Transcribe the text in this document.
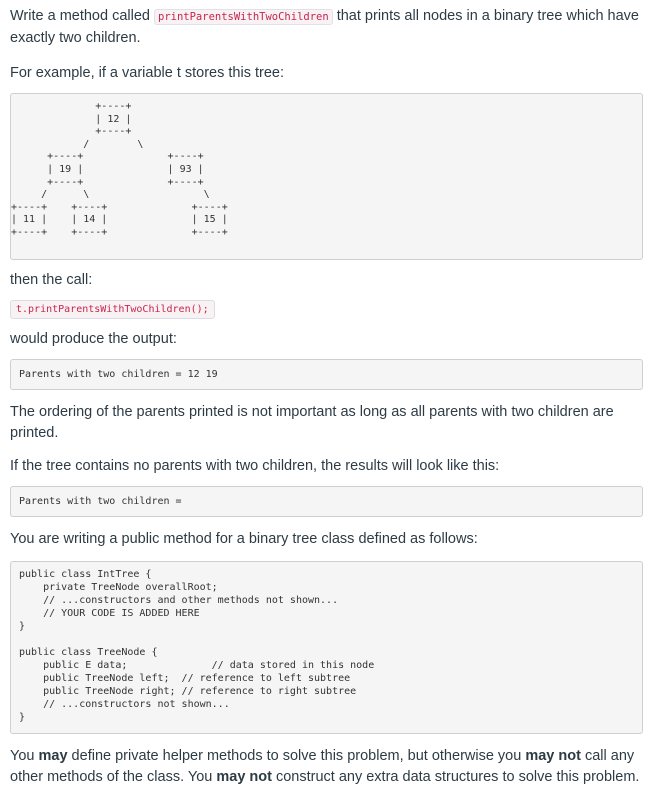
Write a method called printParentsWithTwoChildren that prints all nodes in a binary tree which have exactly two children.

For example, if a variable t stores this tree:

+----+
| 12 |
+----+
/        \
+----+              +----+
| 19 |              | 93 |
+----+              +----+
/      \                   \
+----+    +----+              +----+
| 11 |    | 14 |              | 15 |
+----+    +----+              +----+

then the call:

t.printParentsWithTwoChildren();

would produce the output:

Parents with two children = 12 19

The ordering of the parents printed is not important as long as all parents with two children are printed.

If the tree contains no parents with two children, the results will look like this:

Parents with two children =

You are writing a public method for a binary tree class defined as follows:

public class IntTree {
private TreeNode overallRoot;
// ...constructors and other methods not shown...
// YOUR CODE IS ADDED HERE
}

public class TreeNode {
public E data;              // data stored in this node
public TreeNode left;  // reference to left subtree
public TreeNode right; // reference to right subtree
// ...constructors not shown...
}

You may define private helper methods to solve this problem, but otherwise you may not call any other methods of the class. You may not construct any extra data structures to solve this problem.
